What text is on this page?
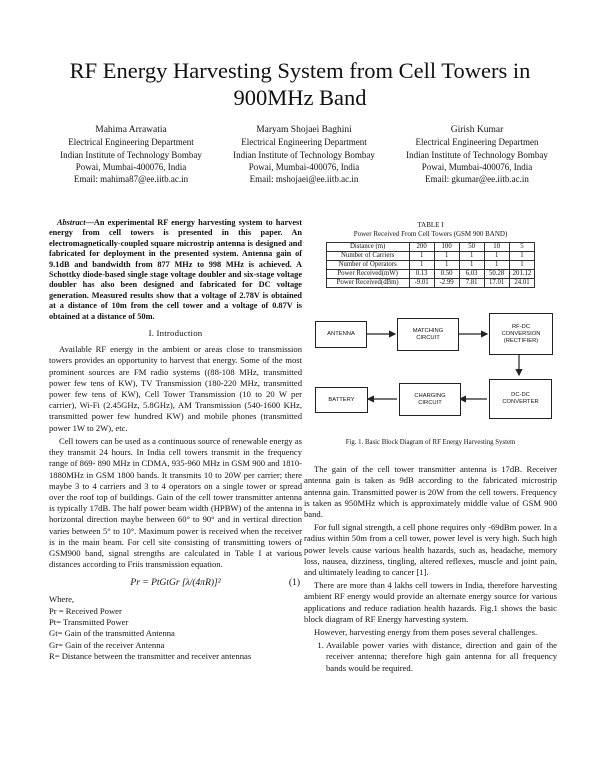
RF Energy Harvesting System from Cell Towers in 900MHz Band
Mahima Arrawatia
Electrical Engineering Department
Indian Institute of Technology Bombay
Powai, Mumbai-400076, India
Email: mahima87@ee.iitb.ac.in
Maryam Shojaei Baghini
Electrical Engineering Department
Indian Institute of Technology Bombay
Powai, Mumbai-400076, India
Email: mshojaei@ee.iitb.ac.in
Girish Kumar
Electrical Engineering Departmen
Indian Institute of Technology Bombay
Powai, Mumbai-400076, India
Email: gkumar@ee.iitb.ac.in

Abstract—An experimental RF energy harvesting system to harvest energy from cell towers is presented in this paper. An electromagnetically-coupled square microstrip antenna is designed and fabricated for deployment in the presented system. Antenna gain of 9.1dB and bandwidth from 877 MHz to 998 MHz is achieved. A Schottky diode-based single stage voltage doubler and six-stage voltage doubler has also been designed and fabricated for DC voltage generation. Measured results show that a voltage of 2.78V is obtained at a distance of 10m from the cell tower and a voltage of 0.87V is obtained at a distance of 50m.

I. Introduction

Available RF energy in the ambient or areas close to transmission towers provides an opportunity to harvest that energy. Some of the most prominent sources are FM radio systems ((88-108 MHz, transmitted power few tens of KW), TV Transmission (180-220 MHz, transmitted power few tens of KW), Cell Tower Transmission (10 to 20 W per carrier), Wi-Fi (2.45GHz, 5.8GHz), AM Transmission (540-1600 KHz, transmitted power few hundred KW) and mobile phones (transmitted power 1W to 2W), etc.

Cell towers can be used as a continuous source of renewable energy as they transmit 24 hours. In India cell towers transmit in the frequency range of 869- 890 MHz in CDMA, 935-960 MHz in GSM 900 and 1810-1880MHz in GSM 1800 bands. It transmits 10 to 20W per carrier; there maybe 3 to 4 carriers and 3 to 4 operators on a single tower or spread over the roof top of buildings. Gain of the cell tower transmitter antenna is typically 17dB. The half power beam width (HPBW) of the antenna in horizontal direction maybe between 60° to 90° and in vertical direction varies between 5° to 10°. Maximum power is received when the receiver is in the main beam. For cell site consisting of transmitting towers of GSM900 band, signal strengths are calculated in Table I at various distances according to Friis transmission equation.

Pr = PtGtGr [λ/(4πR)]²	(1)
Where,
Pr = Received Power
Pt= Transmitted Power
Gt= Gain of the transmitted Antenna
Gr= Gain of the receiver Antenna
R= Distance between the transmitter and receiver antennas
TABLE I
Power Received From Cell Towers (GSM 900 BAND)
Distance (m)	200	100	50	10	5
Number of Carriers	1	1	1	1	1
Number of Operators	1	1	1	1	1
Power Received(mW)	0.13	0.50	6.03	50.28	201.12
Power Received(dBm)	-9.01	-2.99	7.81	17.01	24.01
ANTENNA
MATCHING
CIRCUIT
RF-DC
CONVERSION
(RECTIFIER)
BATTERY
CHARGING
CIRCUIT
DC-DC
CONVERTER
Fig. 1. Basic Block Diagram of RF Energy Harvesting System

The gain of the cell tower transmitter antenna is 17dB. Receiver antenna gain is taken as 9dB according to the fabricated microstrip antenna gain. Transmitted power is 20W from the cell towers. Frequency is taken as 950MHz which is approximately middle value of GSM 900 band.

For full signal strength, a cell phone requires only -69dBm power. In a radius within 50m from a cell tower, power level is very high. Such high power levels cause various health hazards, such as, headache, memory loss, nausea, dizziness, tingling, altered reflexes, muscle and joint pain, and ultimately leading to cancer [1].

There are more than 4 lakhs cell towers in India, therefore harvesting ambient RF energy would provide an alternate energy source for various applications and reduce radiation health hazards. Fig.1 shows the basic block diagram of RF Energy harvesting system.

However, harvesting energy from them poses several challenges.

1. Available power varies with distance, direction and gain of the receiver antenna; therefore high gain antenna for all frequency bands would be required.
